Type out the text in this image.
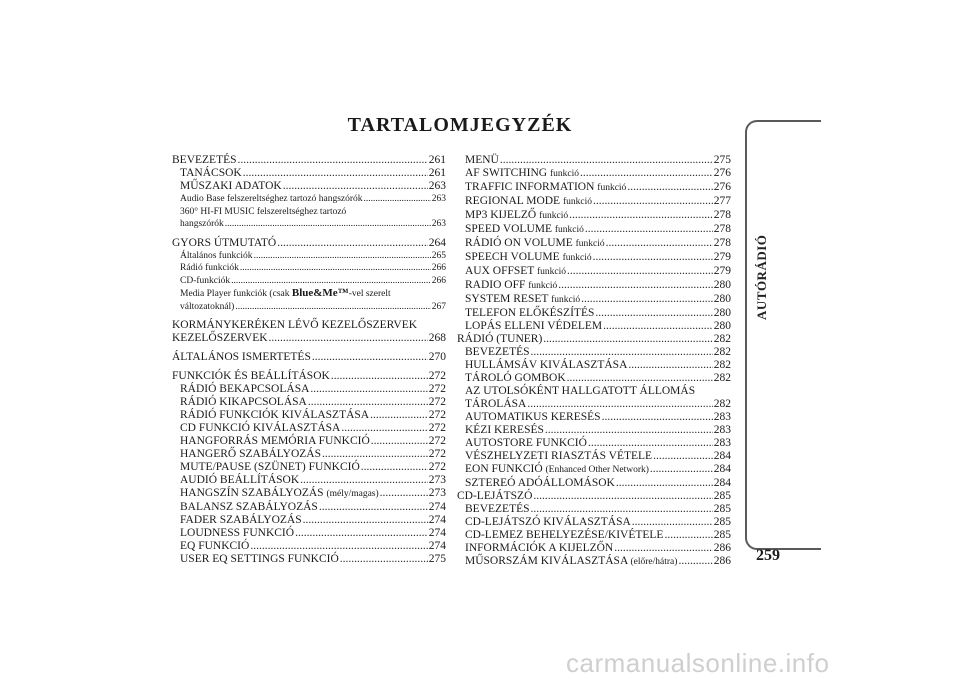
TARTALOMJEGYZÉK
BEVEZETÉS .....	261
TANÁCSOK .....	261
MŰSZAKI ADATOK .....	263
Audio Base felszereltséghez tartozó hangszórók .....	263
360° HI-FI MUSIC felszereltséghez tartozó
hangszórók .....	263
GYORS ÚTMUTATÓ .....	264
Általános funkciók .....	265
Rádió funkciók .....	266
CD-funkciók .....	266
Media Player funkciók (csak Blue&Me™-vel szerelt
változatoknál) .....	267
KORMÁNYKERÉKEN LÉVŐ KEZELŐSZERVEK
KEZELŐSZERVEK .....	268
ÁLTALÁNOS ISMERTETÉS .....	270
FUNKCIÓK ÉS BEÁLLÍTÁSOK .....	272
RÁDIÓ BEKAPCSOLÁSA .....	272
RÁDIÓ KIKAPCSOLÁSA .....	272
RÁDIÓ FUNKCIÓK KIVÁLASZTÁSA .....	272
CD FUNKCIÓ KIVÁLASZTÁSA .....	272
HANGFORRÁS MEMÓRIA FUNKCIÓ .....	272
HANGERŐ SZABÁLYOZÁS .....	272
MUTE/PAUSE (SZÜNET) FUNKCIÓ .....	272
AUDIÓ BEÁLLÍTÁSOK .....	273
HANGSZÍN SZABÁLYOZÁS (mély/magas) .....	273
BALANSZ SZABÁLYOZÁS .....	274
FADER SZABÁLYOZÁS .....	274
LOUDNESS FUNKCIÓ .....	274
EQ FUNKCIÓ .....	274
USER EQ SETTINGS FUNKCIÓ .....	275
MENÜ .....	275
AF SWITCHING funkció .....	276
TRAFFIC INFORMATION funkció .....	276
REGIONAL MODE funkció .....	277
MP3 KIJELZŐ funkció .....	278
SPEED VOLUME funkció .....	278
RÁDIÓ ON VOLUME funkció .....	278
SPEECH VOLUME funkció .....	279
AUX OFFSET funkció .....	279
RADIO OFF funkció .....	280
SYSTEM RESET funkció .....	280
TELEFON ELŐKÉSZÍTÉS .....	280
LOPÁS ELLENI VÉDELEM .....	280
RÁDIÓ (TUNER) .....	282
BEVEZETÉS .....	282
HULLÁMSÁV KIVÁLASZTÁSA .....	282
TÁROLÓ GOMBOK .....	282
AZ UTOLSÓKÉNT HALLGATOTT ÁLLOMÁS
TÁROLÁSA .....	282
AUTOMATIKUS KERESÉS .....	283
KÉZI KERESÉS .....	283
AUTOSTORE FUNKCIÓ .....	283
VÉSZHELYZETI RIASZTÁS VÉTELE .....	284
EON FUNKCIÓ (Enhanced Other Network) .....	284
SZTEREÓ ADÓÁLLOMÁSOK .....	284
CD-LEJÁTSZÓ .....	285
BEVEZETÉS .....	285
CD-LEJÁTSZÓ KIVÁLASZTÁSA .....	285
CD-LEMEZ BEHELYEZÉSE/KIVÉTELE .....	285
INFORMÁCIÓK A KIJELZŐN .....	286
MŰSORSZÁM KIVÁLASZTÁSA (előre/hátra) .....	286
AUTÓRÁDIÓ
259
carmanualsonline.info
